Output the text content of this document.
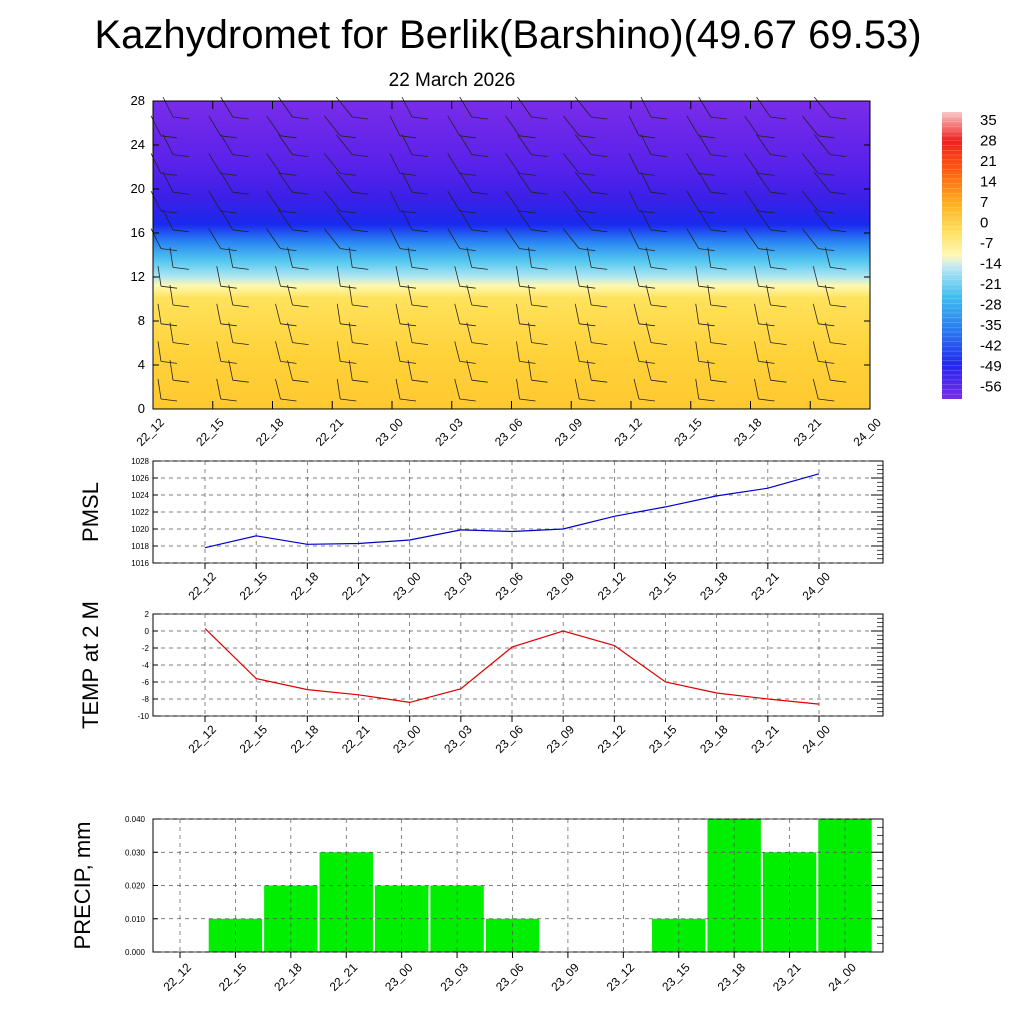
Kazhydromet for Berlik(Barshino)(49.67 69.53)
22 March 2026
0
4
8
12
16
20
24
28
22_12 22_15 22_18 22_21 23_00 23_03 23_06 23_09 23_12 23_15 23_18 23_21 24_00
35
28
21
14
7
0
-7
-14
-21
-28
-35
-42
-49
-56
1016
1018
1020
1022
1024
1026
1028
22_12 22_15 22_18 22_21 23_00 23_03 23_06 23_09 23_12 23_15 23_18 23_21 24_00
PMSL
-10
-8
-6
-4
-2
0
2
22_12 22_15 22_18 22_21 23_00 23_03 23_06 23_09 23_12 23_15 23_18 23_21 24_00
TEMP at 2 M
0.000
0.010
0.020
0.030
0.040
22_12 22_15 22_18 22_21 23_00 23_03 23_06 23_09 23_12 23_15 23_18 23_21 24_00
PRECIP, mm
